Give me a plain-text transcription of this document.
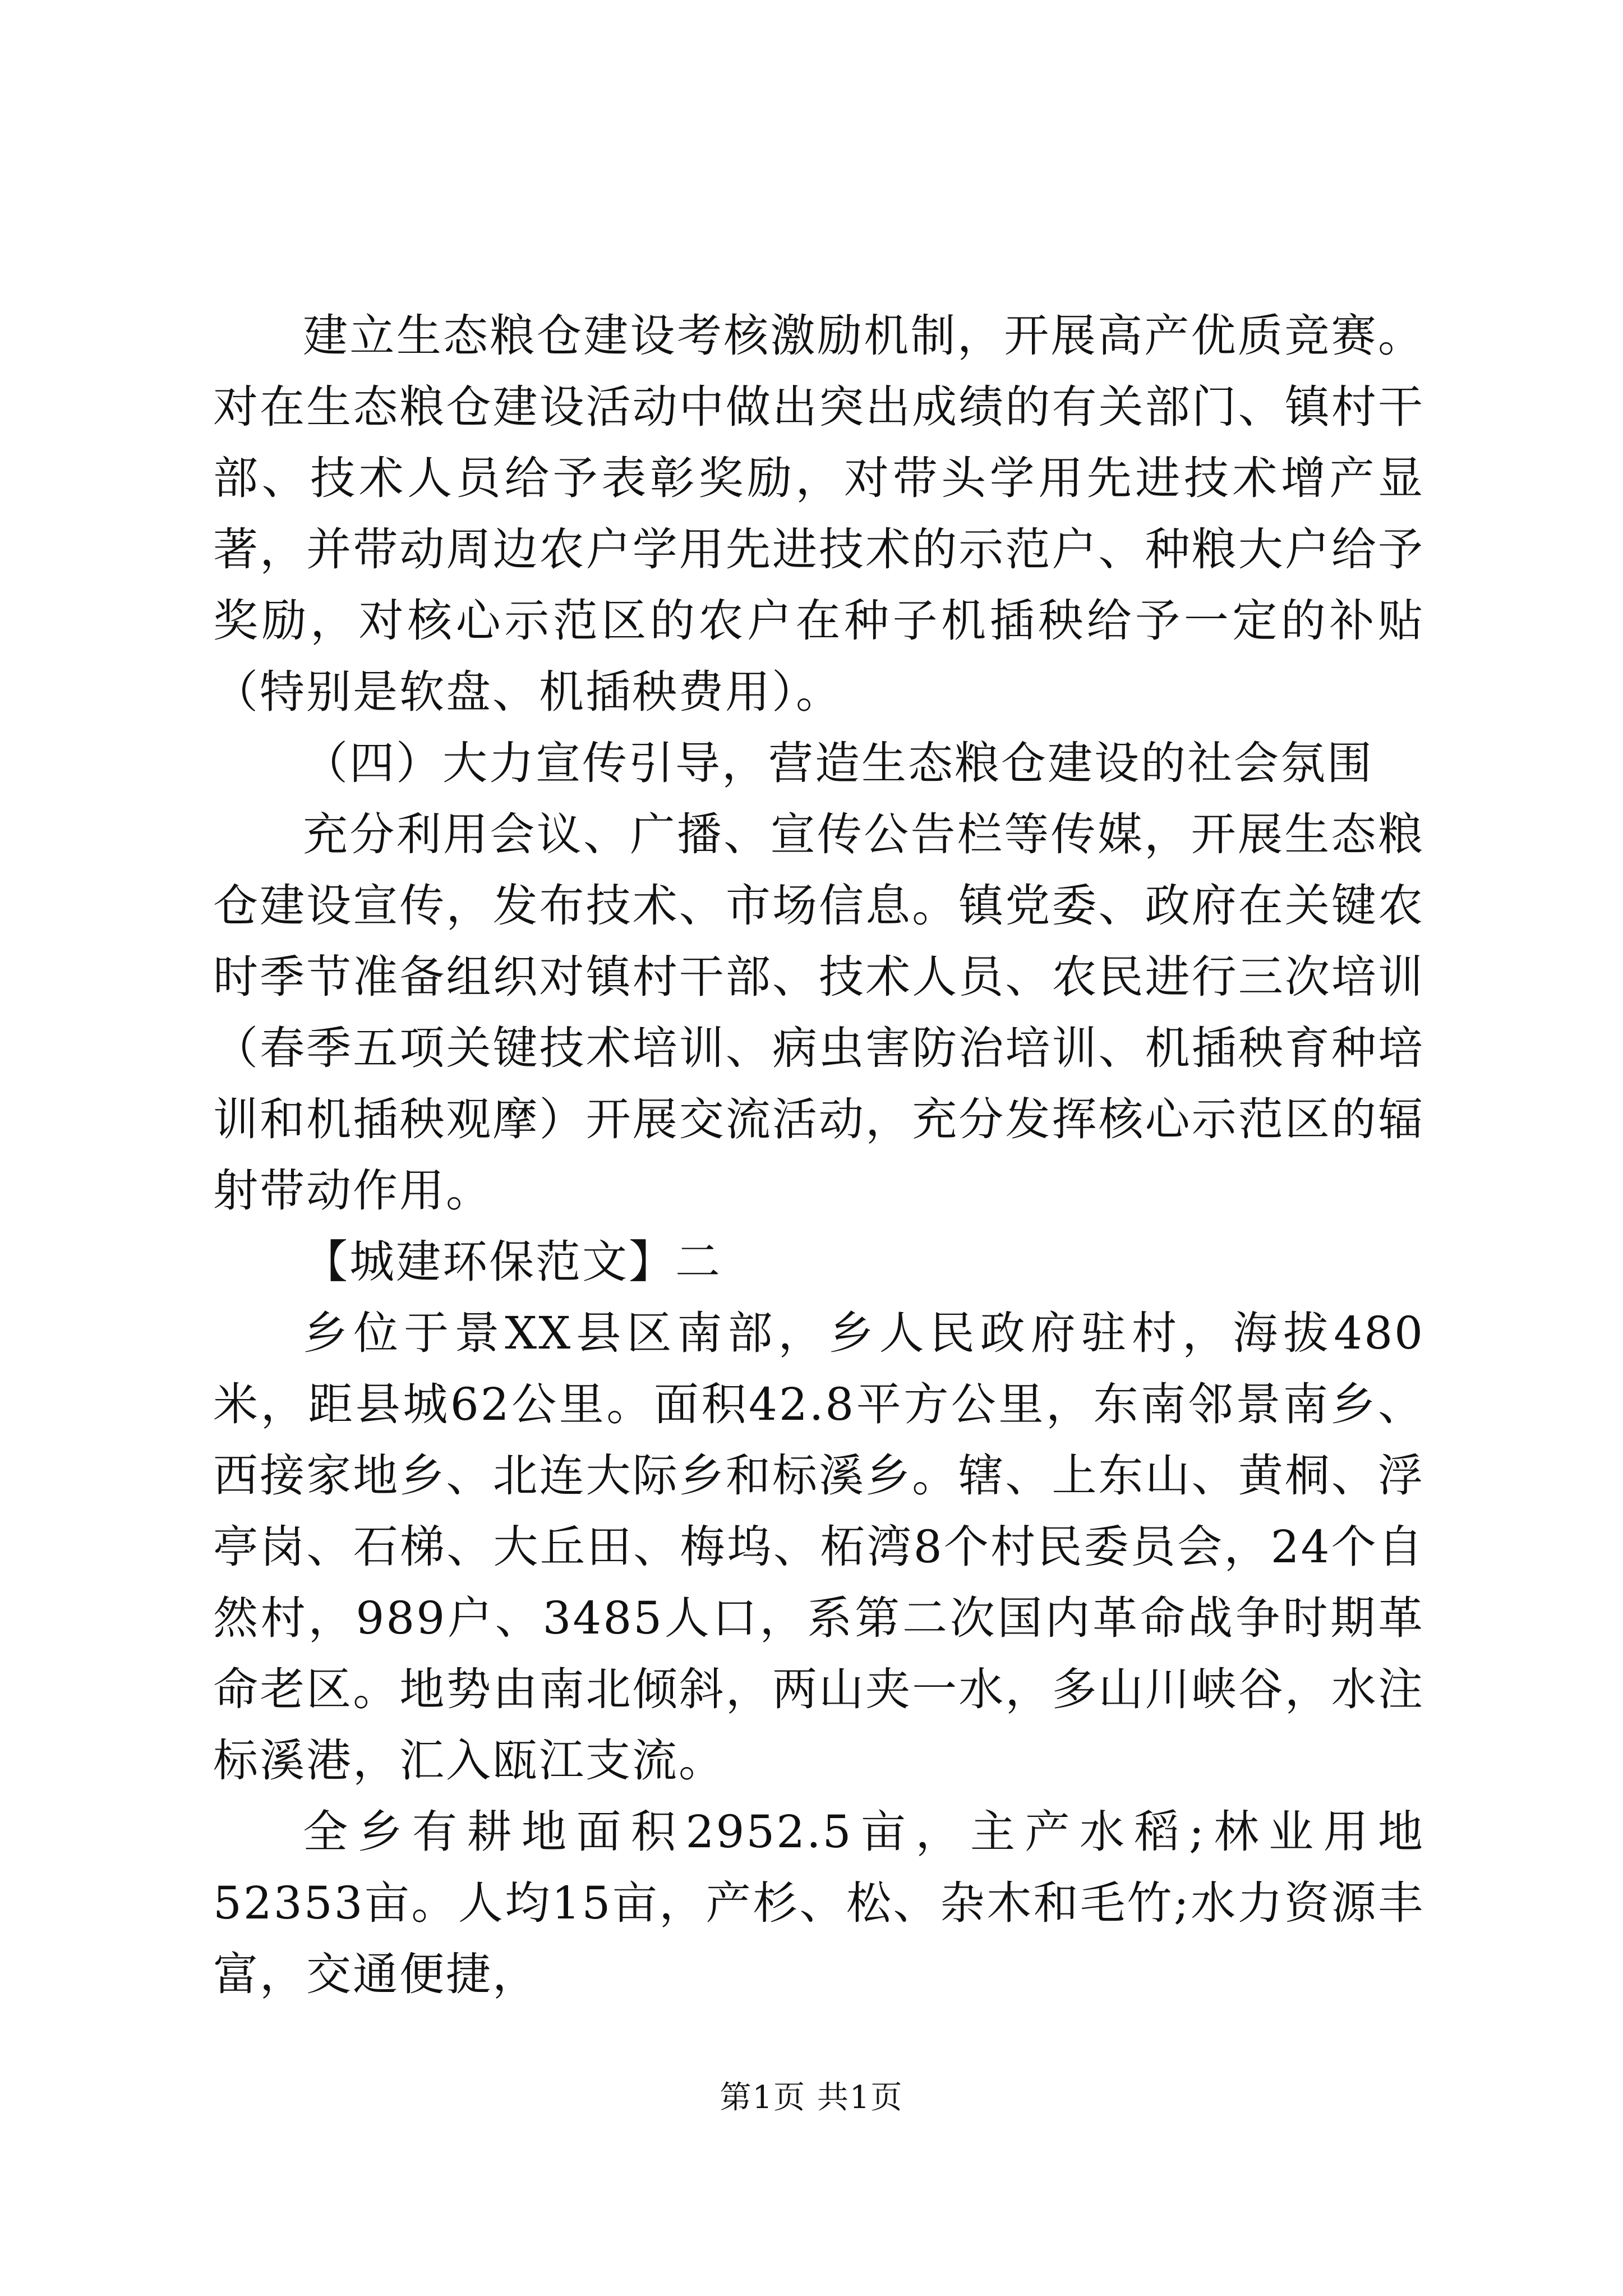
建立生态粮仓建设考核激励机制，开展高产优质竞赛。对在生态粮仓建设活动中做出突出成绩的有关部门、镇村干部、技术人员给予表彰奖励，对带头学用先进技术增产显著，并带动周边农户学用先进技术的示范户、种粮大户给予奖励，对核心示范区的农户在种子机插秧给予一定的补贴（特别是软盘、机插秧费用）。

（四）大力宣传引导，营造生态粮仓建设的社会氛围

充分利用会议、广播、宣传公告栏等传媒，开展生态粮仓建设宣传，发布技术、市场信息。镇党委、政府在关键农时季节准备组织对镇村干部、技术人员、农民进行三次培训（春季五项关键技术培训、病虫害防治培训、机插秧育种培训和机插秧观摩）开展交流活动，充分发挥核心示范区的辐射带动作用。

【城建环保范文】二

乡位于景XX县区南部，乡人民政府驻村，海拔480米，距县城62公里。面积42.8平方公里，东南邻景南乡、西接家地乡、北连大际乡和标溪乡。辖、上东山、黄桐、浮亭岗、石梯、大丘田、梅坞、柘湾8个村民委员会，24个自然村，989户、3485人口，系第二次国内革命战争时期革命老区。地势由南北倾斜，两山夹一水，多山川峡谷，水注标溪港，汇入瓯江支流。

全乡有耕地面积2952.5亩，主产水稻;林业用地52353亩。人均15亩，产杉、松、杂木和毛竹;水力资源丰富，交通便捷，

第1页 共1页
